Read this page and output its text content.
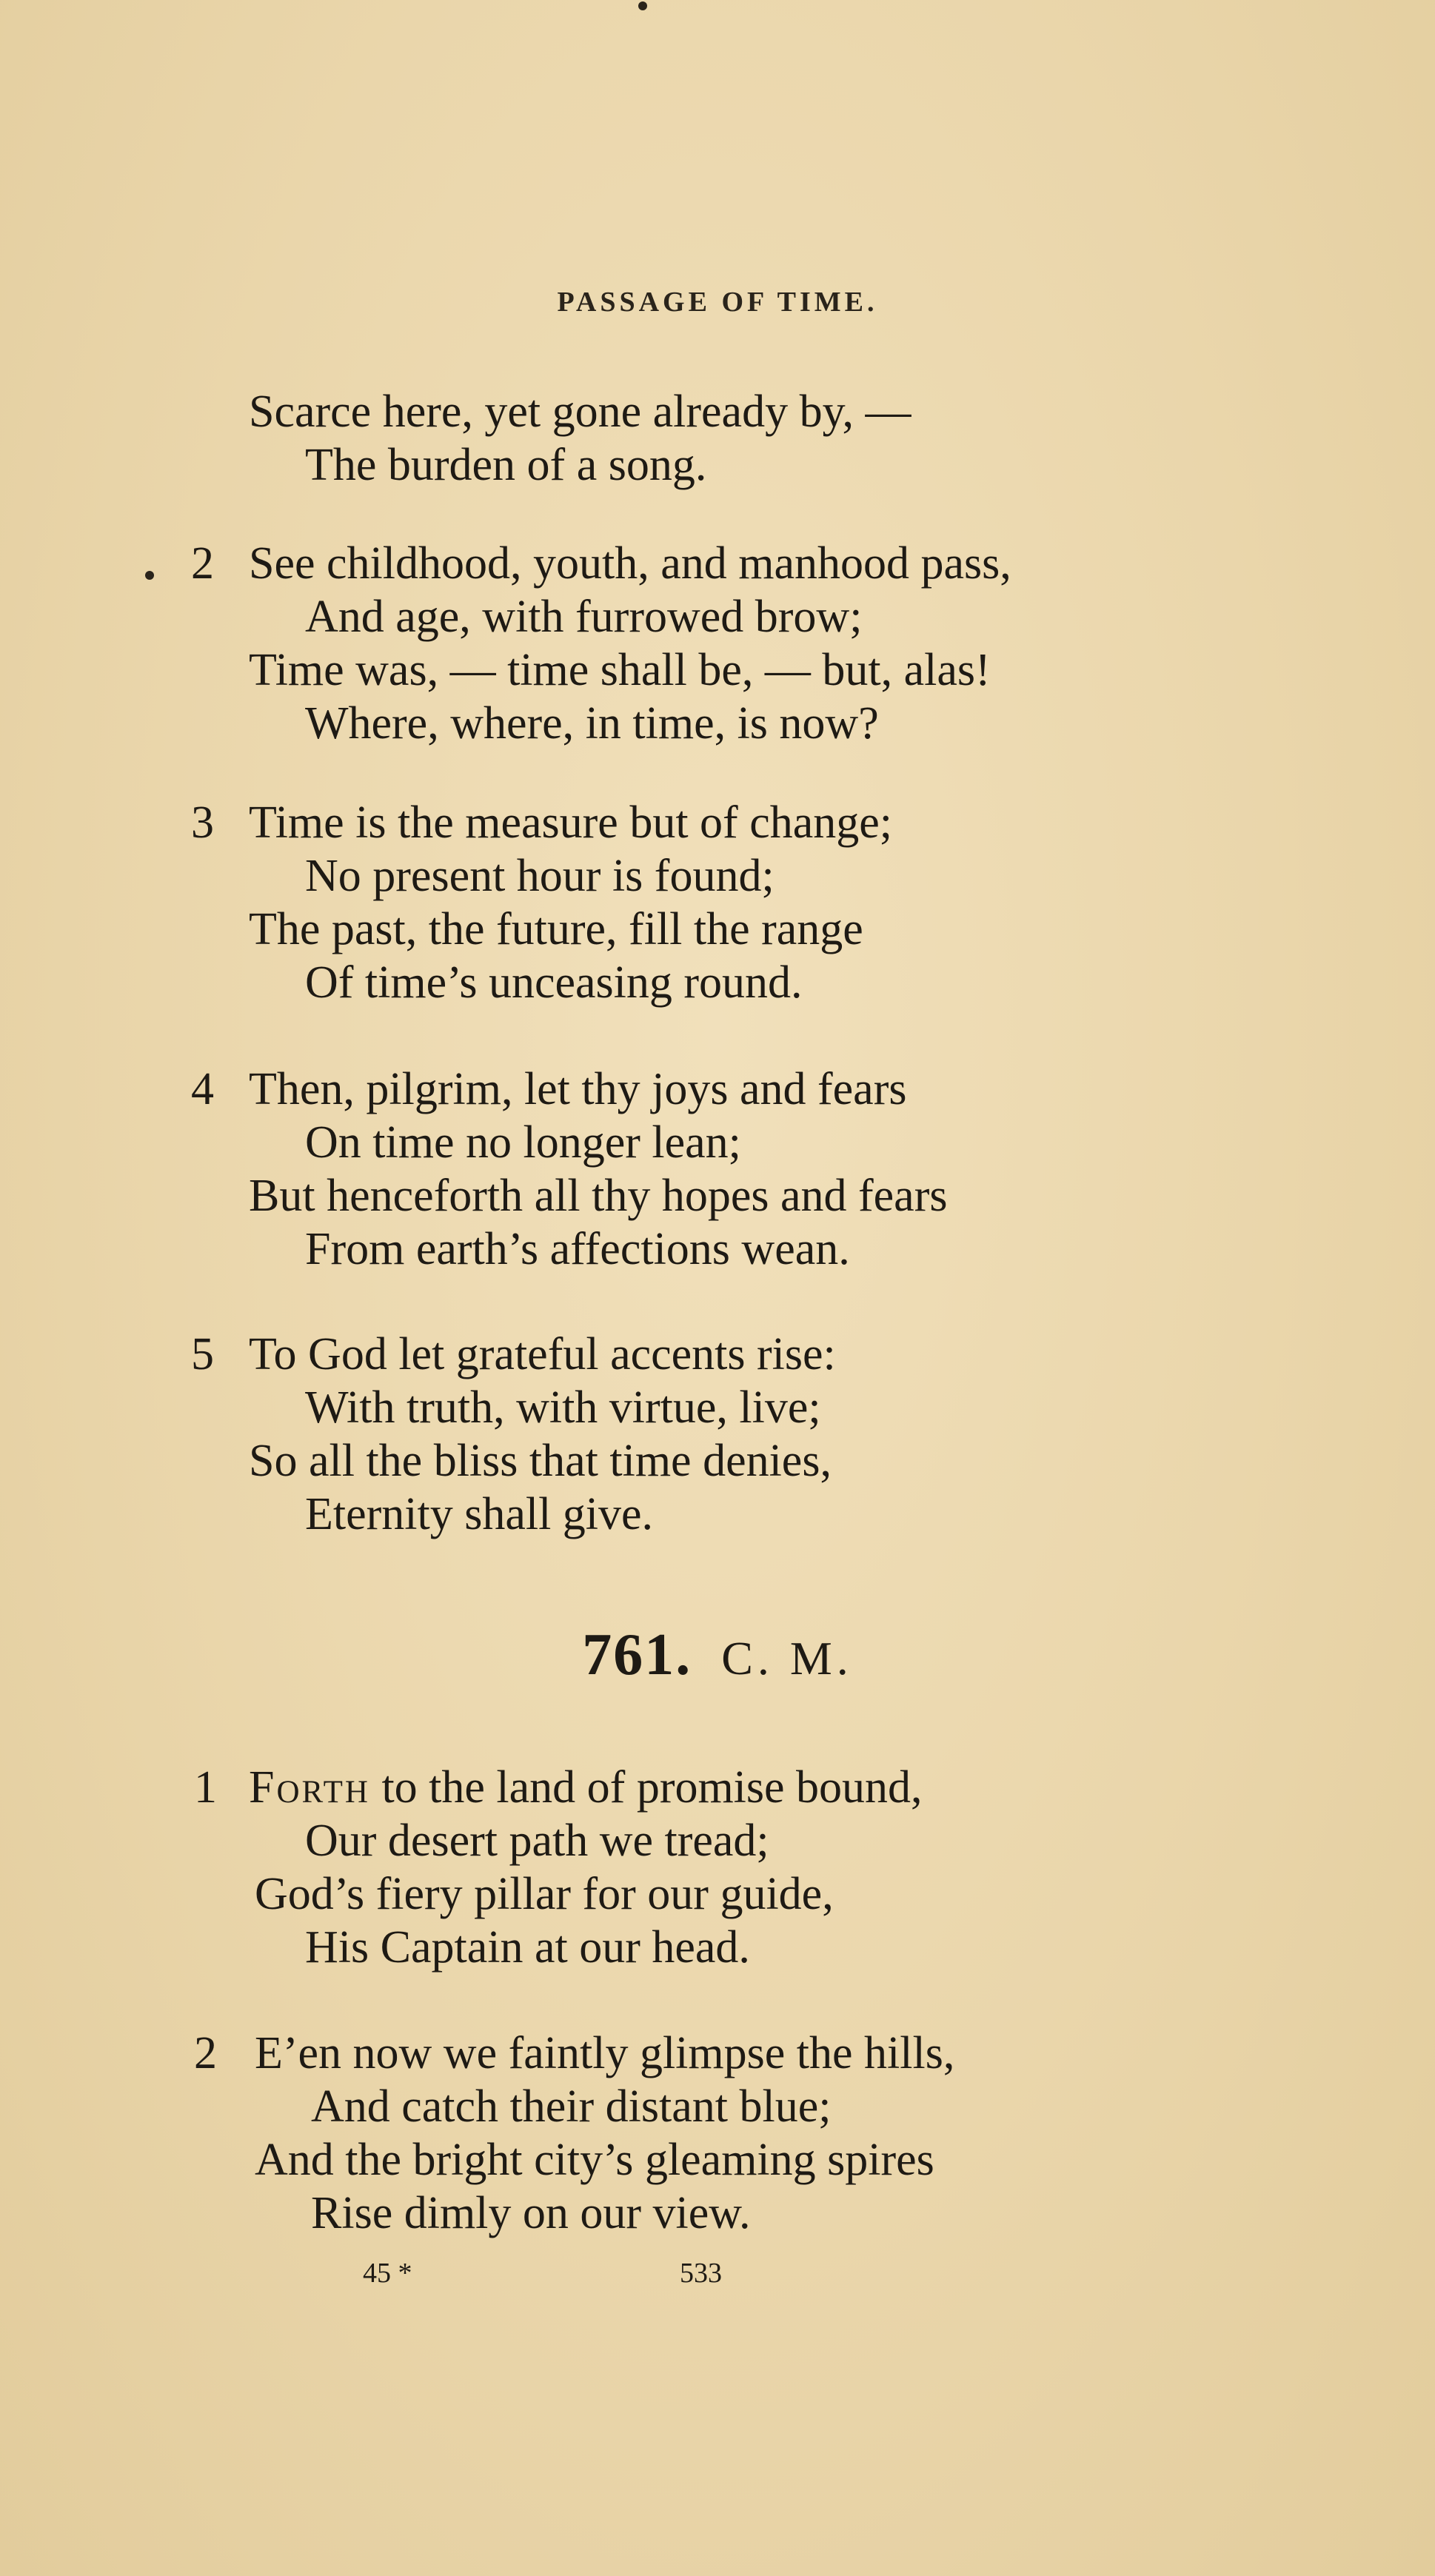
PASSAGE OF TIME.
Scarce here, yet gone already by, —
The burden of a song.
2 See childhood, youth, and manhood pass,
And age, with furrowed brow;
Time was, — time shall be, — but, alas!
Where, where, in time, is now?
3 Time is the measure but of change;
No present hour is found;
The past, the future, fill the range
Of time’s unceasing round.
4 Then, pilgrim, let thy joys and fears
On time no longer lean;
But henceforth all thy hopes and fears
From earth’s affections wean.
5 To God let grateful accents rise:
With truth, with virtue, live;
So all the bliss that time denies,
Eternity shall give.
761. C. M.
1 Forth to the land of promise bound,
Our desert path we tread;
God’s fiery pillar for our guide,
His Captain at our head.
2 E’en now we faintly glimpse the hills,
And catch their distant blue;
And the bright city’s gleaming spires
Rise dimly on our view.
45 *	533
